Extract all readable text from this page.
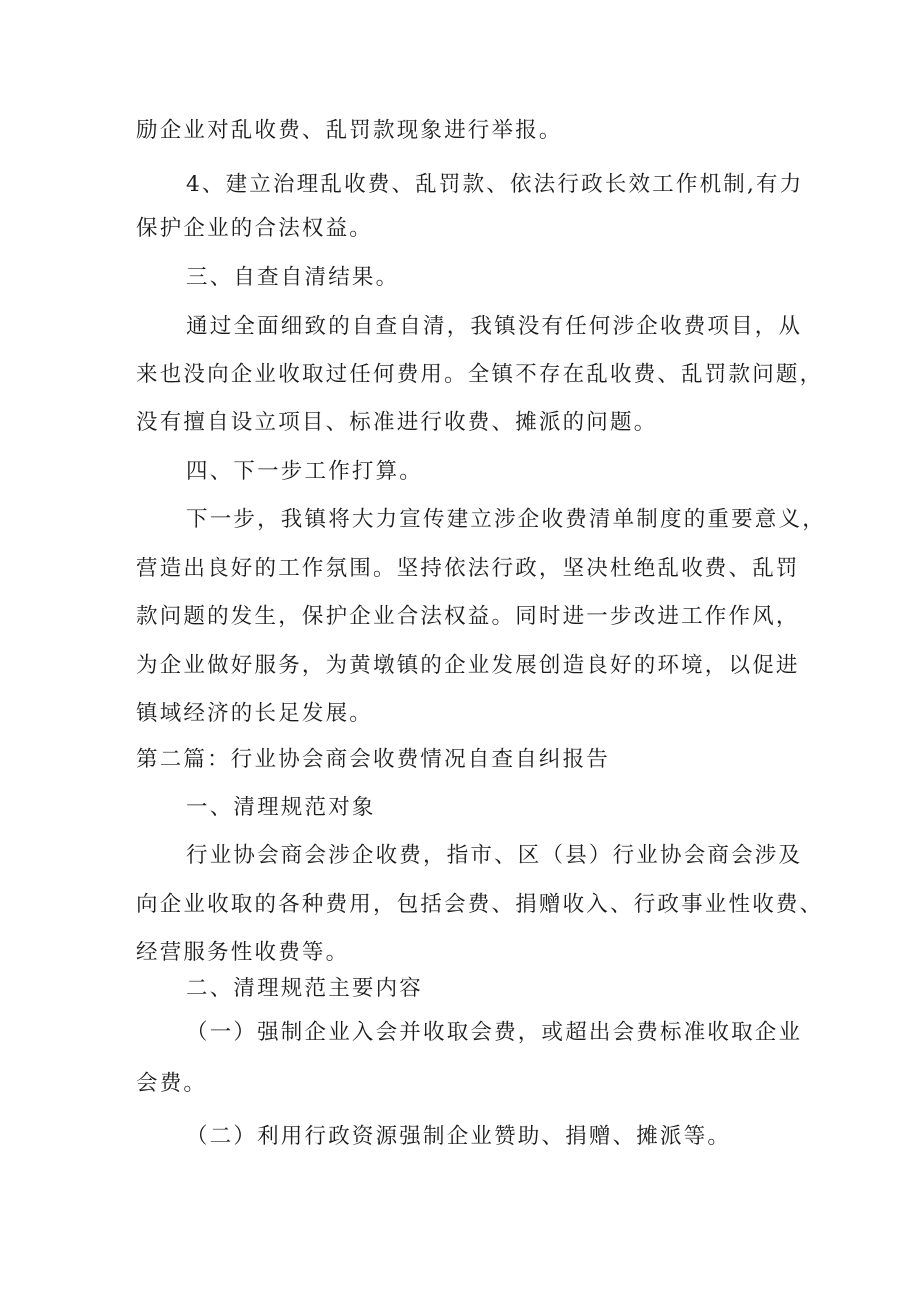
励企业对乱收费、乱罚款现象进行举报。
4、建立治理乱收费、乱罚款、依法行政长效工作机制,有力
保护企业的合法权益。
三、自查自清结果。
通过全面细致的自查自清，我镇没有任何涉企收费项目，从
来也没向企业收取过任何费用。全镇不存在乱收费、乱罚款问题，
没有擅自设立项目、标准进行收费、摊派的问题。
四、下一步工作打算。
下一步，我镇将大力宣传建立涉企收费清单制度的重要意义，
营造出良好的工作氛围。坚持依法行政，坚决杜绝乱收费、乱罚
款问题的发生，保护企业合法权益。同时进一步改进工作作风，
为企业做好服务，为黄墩镇的企业发展创造良好的环境，以促进
镇域经济的长足发展。
第二篇：行业协会商会收费情况自查自纠报告
一、清理规范对象
行业协会商会涉企收费，指市、区（县）行业协会商会涉及
向企业收取的各种费用，包括会费、捐赠收入、行政事业性收费、
经营服务性收费等。
二、清理规范主要内容
（一）强制企业入会并收取会费，或超出会费标准收取企业
会费。
（二）利用行政资源强制企业赞助、捐赠、摊派等。
